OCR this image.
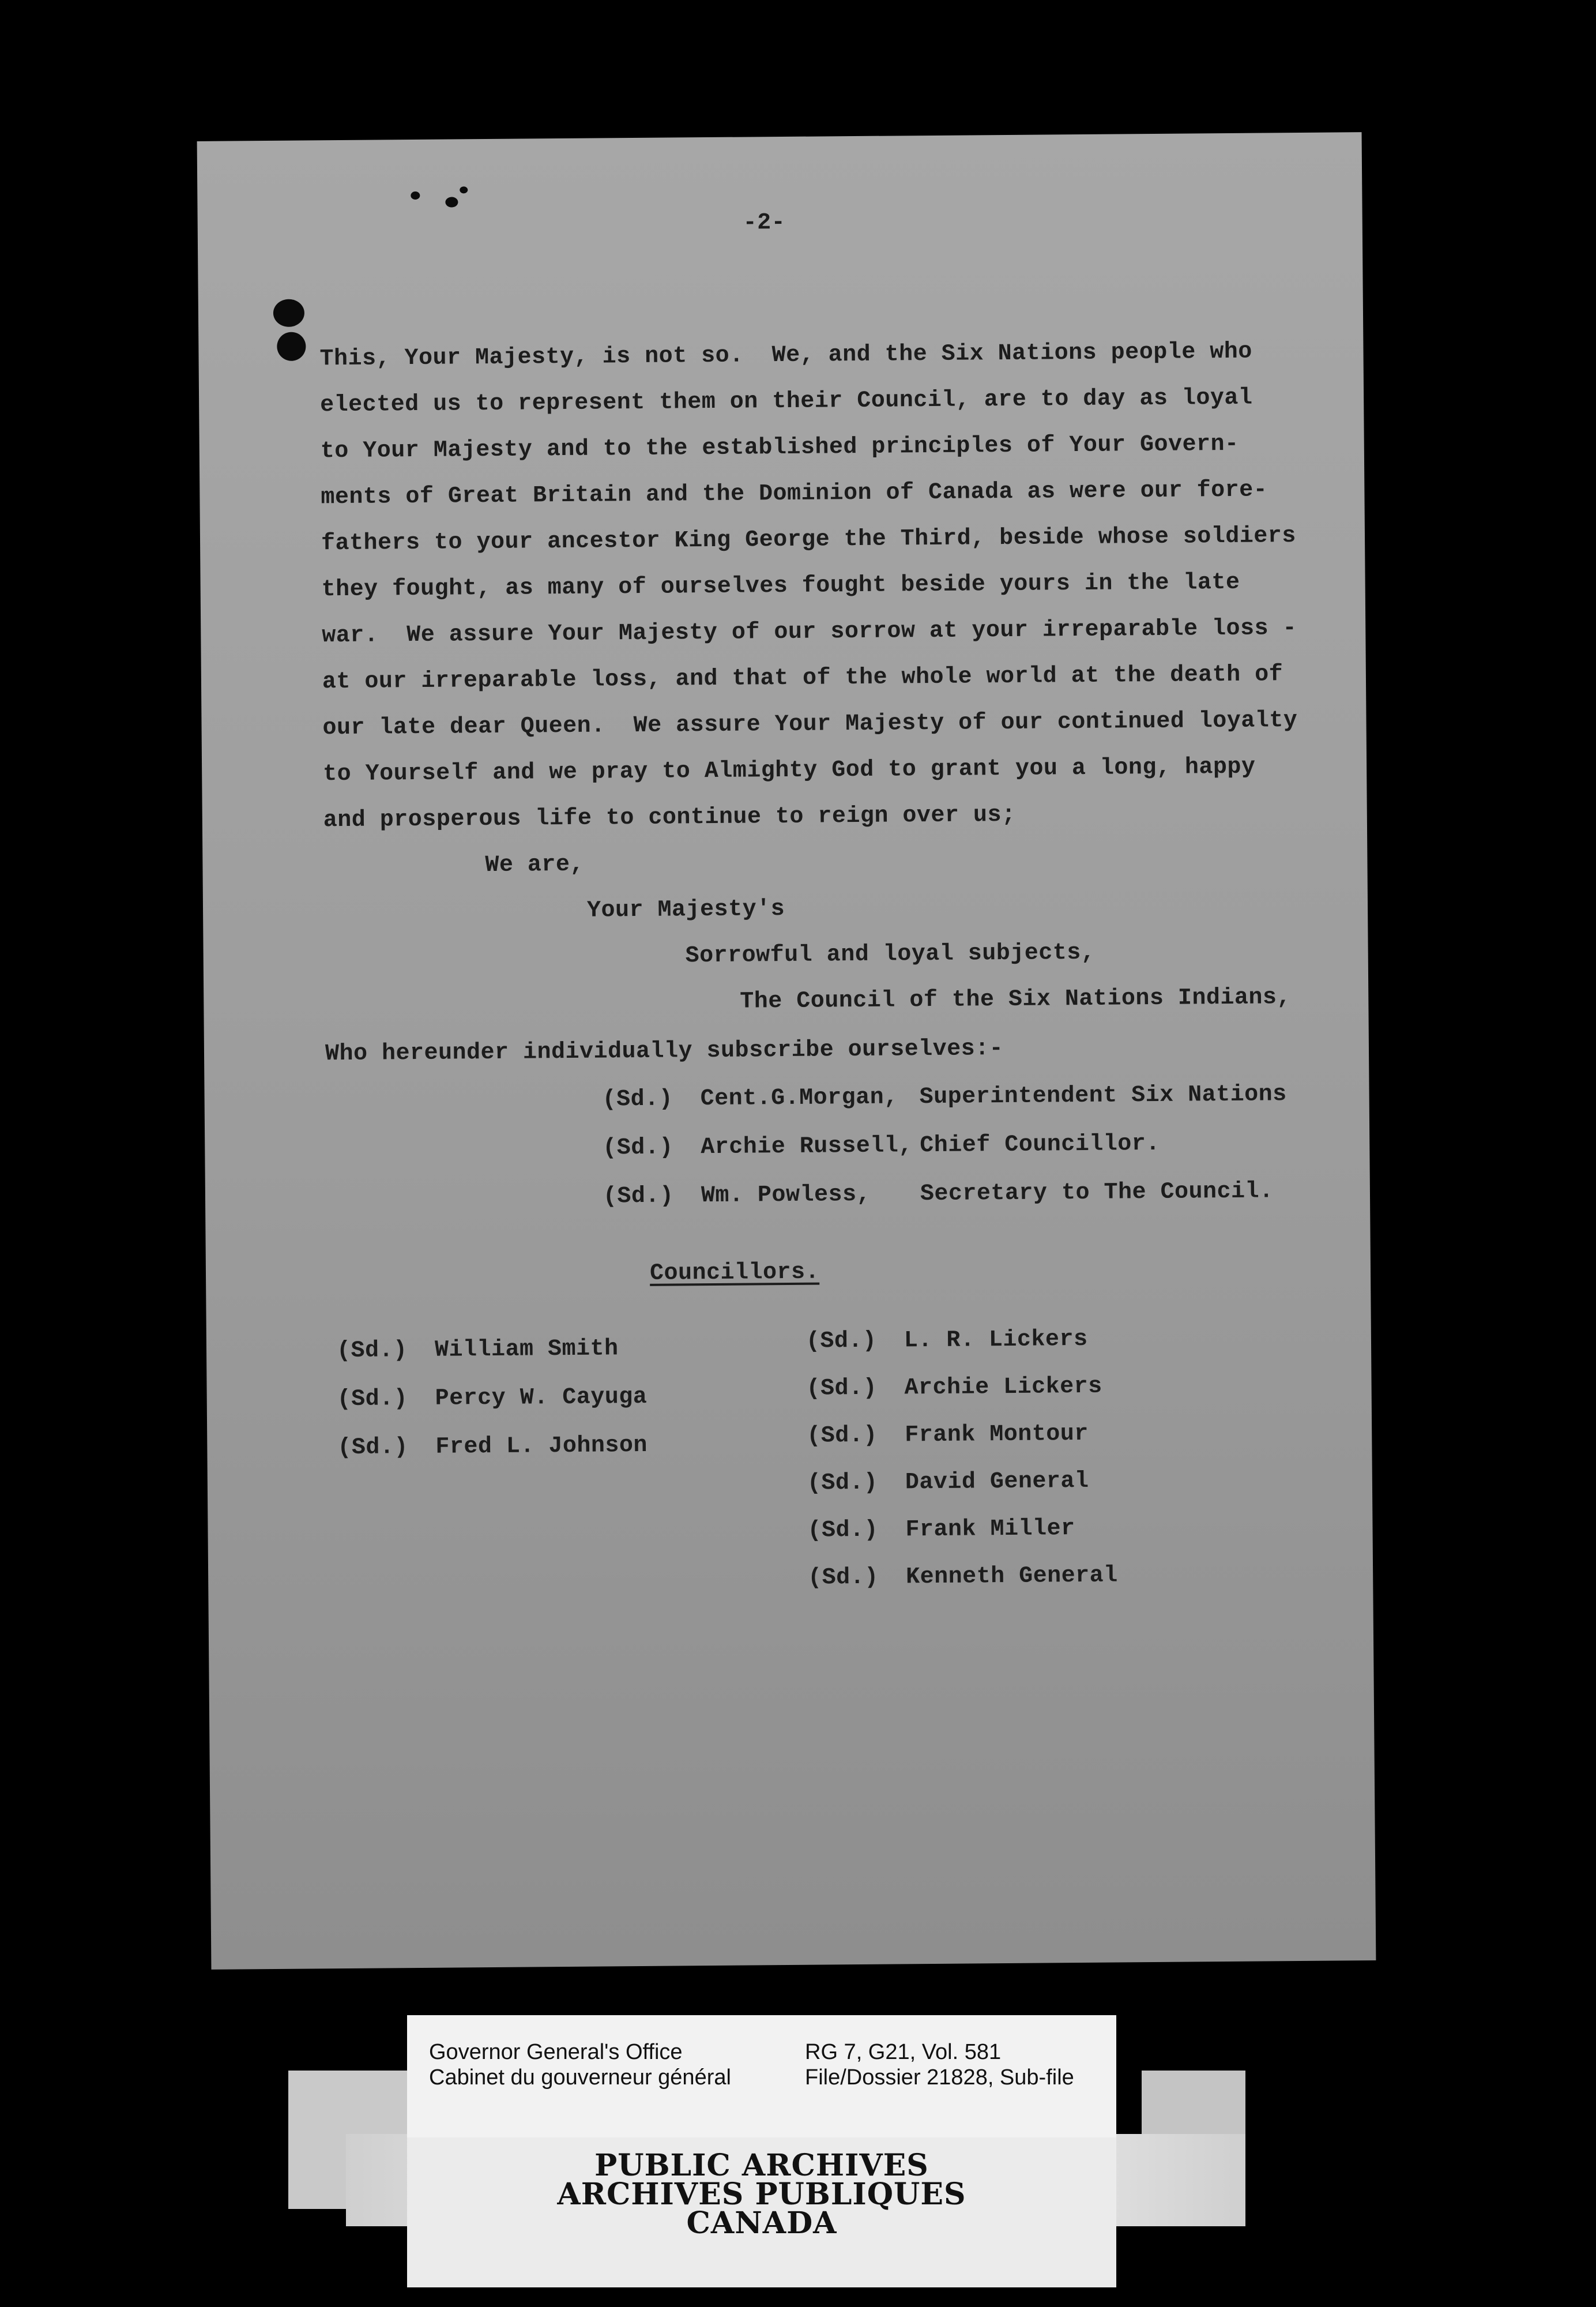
-2-

This, Your Majesty, is not so.  We, and the Six Nations people who

elected us to represent them on their Council, are to day as loyal

to Your Majesty and to the established principles of Your Govern-

ments of Great Britain and the Dominion of Canada as were our fore-

fathers to your ancestor King George the Third, beside whose soldiers

they fought, as many of ourselves fought beside yours in the late

war.  We assure Your Majesty of our sorrow at your irreparable loss -

at our irreparable loss, and that of the whole world at the death of

our late dear Queen.  We assure Your Majesty of our continued loyalty

to Yourself and we pray to Almighty God to grant you a long, happy

and prosperous life to continue to reign over us;

We are,

Your Majesty's

Sorrowful and loyal subjects,

The Council of the Six Nations Indians,

Who hereunder individually subscribe ourselves:-

(Sd.) Cent.G.Morgan, Superintendent Six Nations
(Sd.) Archie Russell, Chief Councillor.
(Sd.) Wm. Powless, Secretary to The Council.

Councillors.

(Sd.) William Smith
(Sd.) Percy W. Cayuga
(Sd.) Fred L. Johnson
(Sd.) L. R. Lickers
(Sd.) Archie Lickers
(Sd.) Frank Montour
(Sd.) David General
(Sd.) Frank Miller
(Sd.) Kenneth General
Governor General's Office
Cabinet du gouverneur général
RG 7, G21, Vol. 581
File/Dossier 21828, Sub-file
PUBLIC ARCHIVES
ARCHIVES PUBLIQUES
CANADA
